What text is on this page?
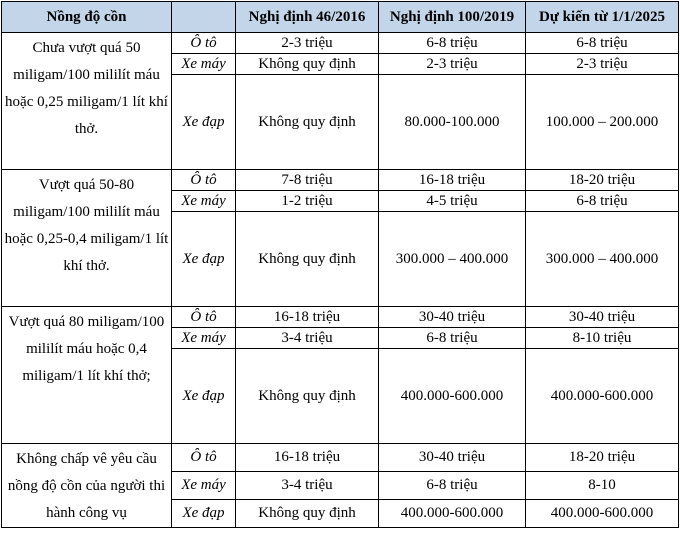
Nồng độ cồn		Nghị định 46/2016	Nghị định 100/2019	Dự kiến từ 1/1/2025
Chưa vượt quá 50 miligam/100 mililít máu hoặc 0,25 miligam/1 lít khí thở.	Ô tô	2-3 triệu	6-8 triệu	6-8 triệu
	Xe máy	Không quy định	2-3 triệu	2-3 triệu
	Xe đạp	Không quy định	80.000-100.000	100.000 – 200.000
Vượt quá 50-80 miligam/100 mililít máu hoặc 0,25-0,4 miligam/1 lít khí thở.	Ô tô	7-8 triệu	16-18 triệu	18-20 triệu
	Xe máy	1-2 triệu	4-5 triệu	6-8 triệu
	Xe đạp	Không quy định	300.000 – 400.000	300.000 – 400.000
Vượt quá 80 miligam/100 mililít máu hoặc 0,4 miligam/1 lít khí thở;	Ô tô	16-18 triệu	30-40 triệu	30-40 triệu
	Xe máy	3-4 triệu	6-8 triệu	8-10 triệu
	Xe đạp	Không quy định	400.000-600.000	400.000-600.000
Không chấp vê yêu cầu nồng độ cồn của người thi hành công vụ	Ô tô	16-18 triệu	30-40 triệu	18-20 triệu
	Xe máy	3-4 triệu	6-8 triệu	8-10
	Xe đạp	Không quy định	400.000-600.000	400.000-600.000
